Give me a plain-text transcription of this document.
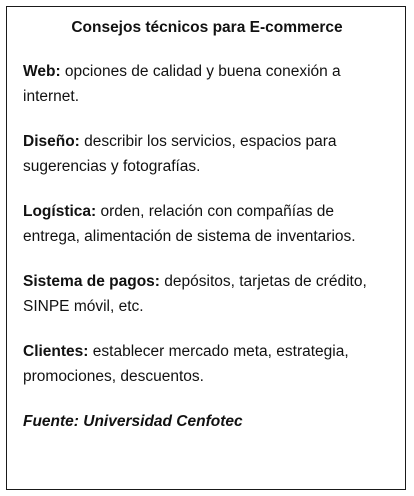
Consejos técnicos para E-commerce

Web: opciones de calidad y buena conexión a internet.

Diseño: describir los servicios, espacios para sugerencias y fotografías.

Logística: orden, relación con compañías de entrega, alimentación de sistema de inventarios.

Sistema de pagos: depósitos, tarjetas de crédito, SINPE móvil, etc.

Clientes: establecer mercado meta, estrategia, promociones, descuentos.

Fuente: Universidad Cenfotec
